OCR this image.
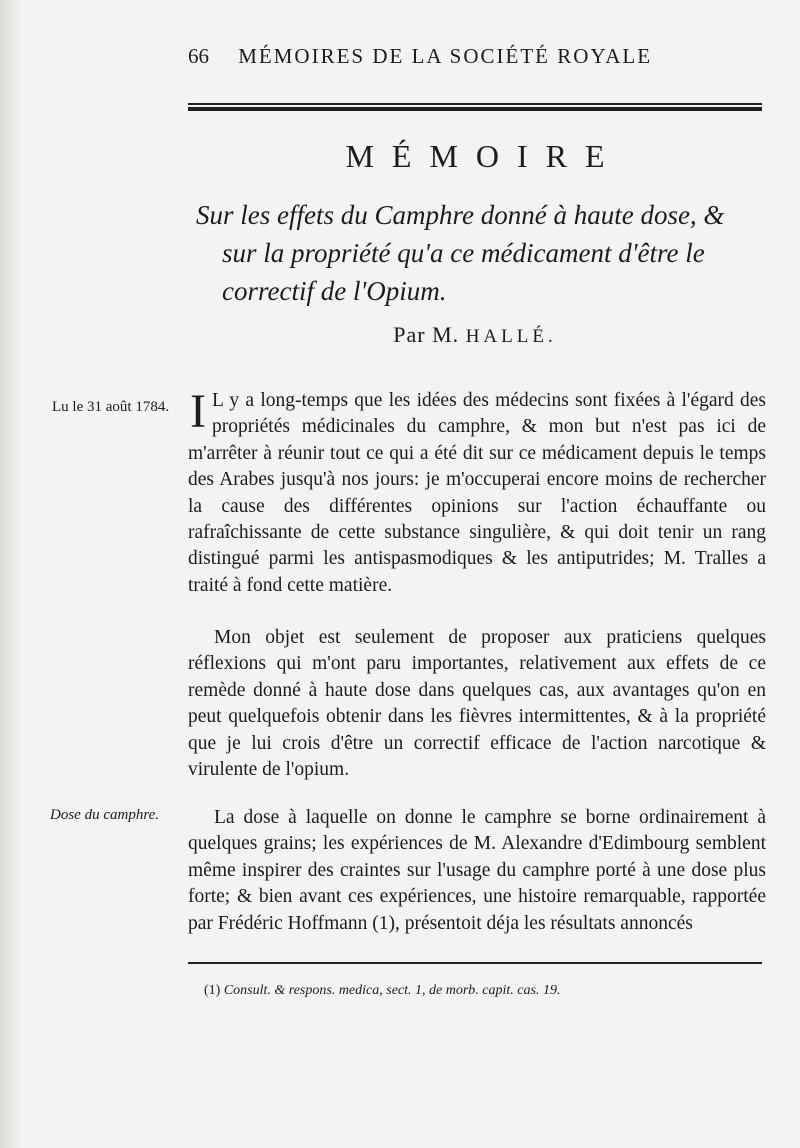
66 MÉMOIRES DE LA SOCIÉTÉ ROYALE
MÉMOIRE
Sur les effets du Camphre donné à haute dose, &
sur la propriété qu'a ce médicament d'être le
correctif de l'Opium.
Par M. HALLÉ.
Lu le 31 août 1784. I L y a long-temps que les idées des médecins sont fixées à l'égard des propriétés médicinales du camphre, & mon but n'est pas ici de m'arrêter à réunir tout ce qui a été dit sur ce médicament depuis le temps des Arabes jusqu'à nos jours: je m'occuperai encore moins de rechercher la cause des différentes opinions sur l'action échauffante ou rafraîchissante de cette substance singulière, & qui doit tenir un rang distingué parmi les antispasmodiques & les antiputrides; M. Tralles a traité à fond cette matière.
Mon objet est seulement de proposer aux praticiens quelques réflexions qui m'ont paru importantes, relativement aux effets de ce remède donné à haute dose dans quelques cas, aux avantages qu'on en peut quelquefois obtenir dans les fièvres intermittentes, & à la propriété que je lui crois d'être un correctif efficace de l'action narcotique & virulente de l'opium.
Dose du camphre.	La dose à laquelle on donne le camphre se borne ordinairement à quelques grains; les expériences de M. Alexandre d'Edimbourg semblent même inspirer des craintes sur l'usage du camphre porté à une dose plus forte; & bien avant ces expériences, une histoire remarquable, rapportée par Frédéric Hoffmann (1), présentoit déja les résultats annoncés
(1) Consult. & respons. medica, sect. 1, de morb. capit. cas. 19.
